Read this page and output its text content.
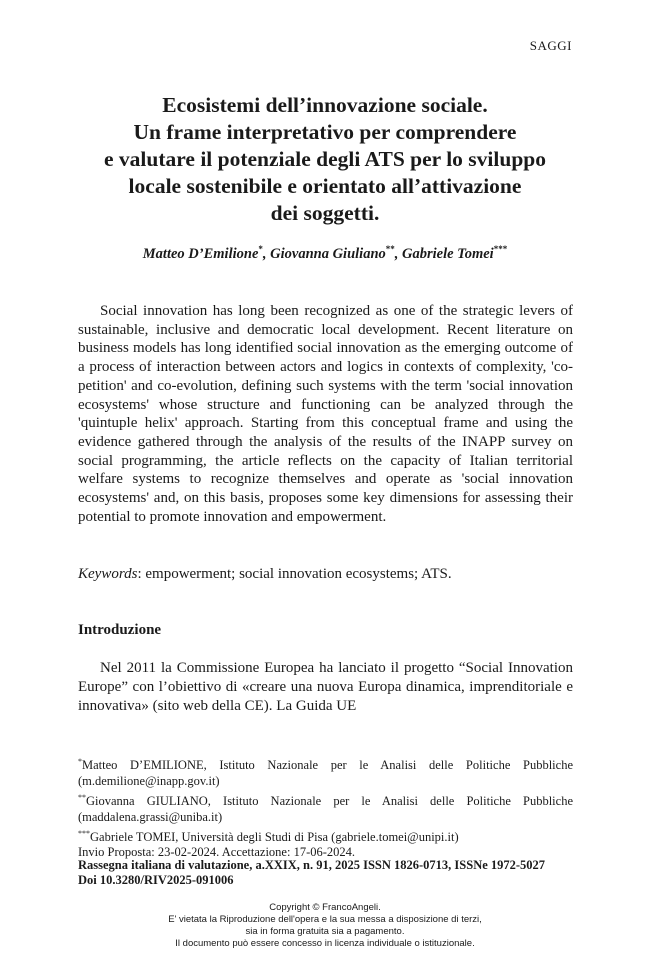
SAGGI
Ecosistemi dell’innovazione sociale.
Un frame interpretativo per comprendere
e valutare il potenziale degli ATS per lo sviluppo
locale sostenibile e orientato all’attivazione
dei soggetti.
Matteo D’Emilione*, Giovanna Giuliano**, Gabriele Tomei***

Social innovation has long been recognized as one of the strategic levers of sustainable, inclusive and democratic local development. Recent literature on business models has long identified social innovation as the emerging outcome of a process of interaction between actors and logics in contexts of complexity, 'co-petition' and co-evolution, defining such systems with the term 'social innovation ecosystems' whose structure and functioning can be analyzed through the 'quintuple helix' approach. Starting from this conceptual frame and using the evidence gathered through the analysis of the results of the INAPP survey on social programming, the article reflects on the capacity of Italian territorial welfare systems to recognize themselves and operate as 'social innovation ecosystems' and, on this basis, proposes some key dimensions for assessing their potential to promote innovation and empowerment.

Keywords: empowerment; social innovation ecosystems; ATS.
Introduzione

Nel 2011 la Commissione Europea ha lanciato il progetto “Social Innovation Europe” con l’obiettivo di «creare una nuova Europa dinamica, imprenditoriale e innovativa» (sito web della CE). La Guida UE

*Matteo D’EMILIONE, Istituto Nazionale per le Analisi delle Politiche Pubbliche (m.demilione@inapp.gov.it)
**Giovanna GIULIANO, Istituto Nazionale per le Analisi delle Politiche Pubbliche (maddalena.grassi@uniba.it)
***Gabriele TOMEI, Università degli Studi di Pisa (gabriele.tomei@unipi.it)
Invio Proposta: 23-02-2024. Accettazione: 17-06-2024.
Rassegna italiana di valutazione, a.XXIX, n. 91, 2025 ISSN 1826-0713, ISSNe 1972-5027
Doi 10.3280/RIV2025-091006
Copyright © FrancoAngeli.
E' vietata la Riproduzione dell'opera e la sua messa a disposizione di terzi,
sia in forma gratuita sia a pagamento.
Il documento può essere concesso in licenza individuale o istituzionale.
